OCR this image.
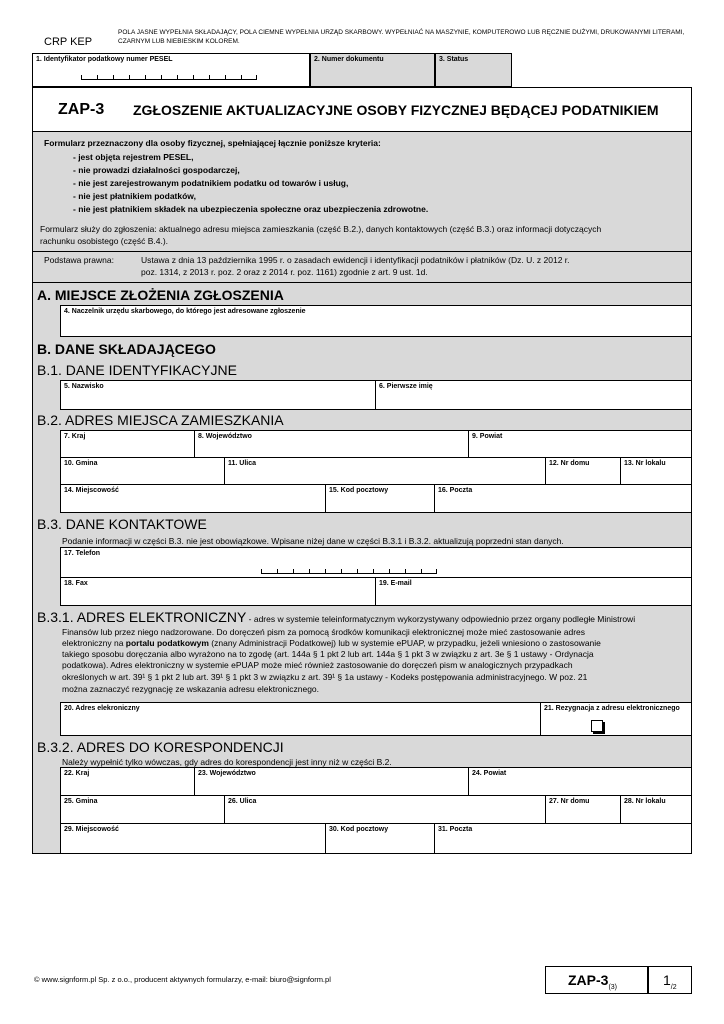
CRP KEP
POLA JASNE WYPEŁNIA SKŁADAJĄCY, POLA CIEMNE WYPEŁNIA URZĄD SKARBOWY. WYPEŁNIAĆ NA MASZYNIE, KOMPUTEROWO LUB RĘCZNIE DUŻYMI, DRUKOWANYMI LITERAMI, CZARNYM LUB NIEBIESKIM KOLOREM.
1. Identyfikator podatkowy numer PESEL	2. Numer dokumentu	3. Status
ZAP-3 ZGŁOSZENIE AKTUALIZACYJNE OSOBY FIZYCZNEJ BĘDĄCEJ PODATNIKIEM
Formularz przeznaczony dla osoby fizycznej, spełniającej łącznie poniższe kryteria:
- jest objęta rejestrem PESEL,
- nie prowadzi działalności gospodarczej,
- nie jest zarejestrowanym podatnikiem podatku od towarów i usług,
- nie jest płatnikiem podatków,
- nie jest płatnikiem składek na ubezpieczenia społeczne oraz ubezpieczenia zdrowotne.
Formularz służy do zgłoszenia: aktualnego adresu miejsca zamieszkania (część B.2.), danych kontaktowych (część B.3.) oraz informacji dotyczących
rachunku osobistego (część B.4.).
Podstawa prawna:	Ustawa z dnia 13 października 1995 r. o zasadach ewidencji i identyfikacji podatników i płatników (Dz. U. z 2012 r.
poz. 1314, z 2013 r. poz. 2 oraz z 2014 r. poz. 1161) zgodnie z art. 9 ust. 1d.
A. MIEJSCE ZŁOŻENIA ZGŁOSZENIA
4. Naczelnik urzędu skarbowego, do którego jest adresowane zgłoszenie
B. DANE SKŁADAJĄCEGO
B.1. DANE IDENTYFIKACYJNE
5. Nazwisko	6. Pierwsze imię
B.2. ADRES MIEJSCA ZAMIESZKANIA
7. Kraj	8. Województwo	9. Powiat
10. Gmina	11. Ulica	12. Nr domu	13. Nr lokalu
14. Miejscowość	15. Kod pocztowy	16. Poczta
B.3. DANE KONTAKTOWE
Podanie informacji w części B.3. nie jest obowiązkowe. Wpisane niżej dane w części B.3.1 i B.3.2. aktualizują poprzedni stan danych.
17. Telefon
18. Fax	19. E-mail
B.3.1. ADRES ELEKTRONICZNY - adres w systemie teleinformatycznym wykorzystywany odpowiednio przez organy podległe Ministrowi
Finansów lub przez niego nadzorowane. Do doręczeń pism za pomocą środków komunikacji elektronicznej może mieć zastosowanie adres
elektroniczny na portalu podatkowym (znany Administracji Podatkowej) lub w systemie ePUAP, w przypadku, jeżeli wniesiono o zastosowanie
takiego sposobu doręczania albo wyrażono na to zgodę (art. 144a § 1 pkt 2 lub art. 144a § 1 pkt 3 w związku z art. 3e § 1 ustawy - Ordynacja
podatkowa). Adres elektroniczny w systemie ePUAP może mieć również zastosowanie do doręczeń pism w analogicznych przypadkach
określonych w art. 39¹ § 1 pkt 2 lub art. 39¹ § 1 pkt 3 w związku z art. 39¹ § 1a ustawy - Kodeks postępowania administracyjnego. W poz. 21
można zaznaczyć rezygnację ze wskazania adresu elektronicznego.
20. Adres elekroniczny	21. Rezygnacja z adresu elektronicznego
B.3.2. ADRES DO KORESPONDENCJI
Należy wypełnić tylko wówczas, gdy adres do korespondencji jest inny niż w części B.2.
22. Kraj	23. Województwo	24. Powiat
25. Gmina	26. Ulica	27. Nr domu	28. Nr lokalu
29. Miejscowość	30. Kod pocztowy	31. Poczta
© www.signform.pl Sp. z o.o., producent aktywnych formularzy, e-mail: biuro@signform.pl	ZAP-$3_{(3)}$	$1_{/2}$
